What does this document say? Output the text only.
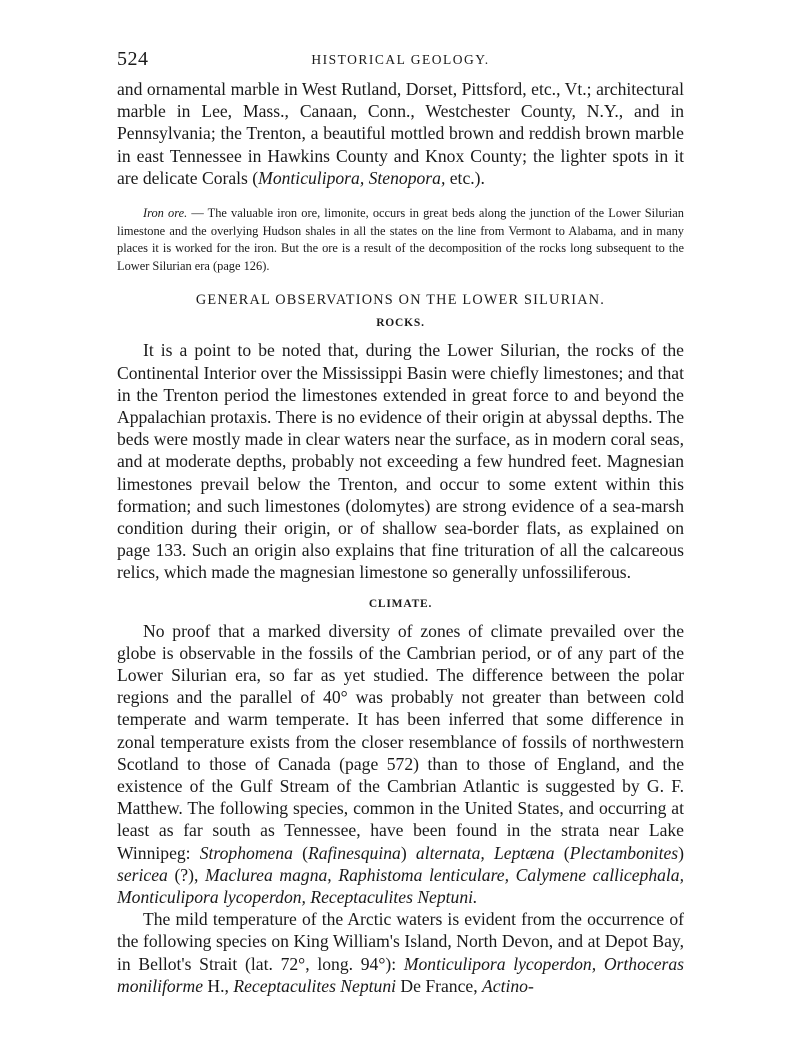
524	HISTORICAL GEOLOGY.

and ornamental marble in West Rutland, Dorset, Pittsford, etc., Vt.; architectural marble in Lee, Mass., Canaan, Conn., Westchester County, N.Y., and in Pennsylvania; the Trenton, a beautiful mottled brown and reddish brown marble in east Tennessee in Hawkins County and Knox County; the lighter spots in it are delicate Corals (Monticulipora, Stenopora, etc.).

Iron ore. — The valuable iron ore, limonite, occurs in great beds along the junction of the Lower Silurian limestone and the overlying Hudson shales in all the states on the line from Vermont to Alabama, and in many places it is worked for the iron. But the ore is a result of the decomposition of the rocks long subsequent to the Lower Silurian era (page 126).

GENERAL OBSERVATIONS ON THE LOWER SILURIAN.
ROCKS.

It is a point to be noted that, during the Lower Silurian, the rocks of the Continental Interior over the Mississippi Basin were chiefly limestones; and that in the Trenton period the limestones extended in great force to and beyond the Appalachian protaxis. There is no evidence of their origin at abyssal depths. The beds were mostly made in clear waters near the surface, as in modern coral seas, and at moderate depths, probably not exceeding a few hundred feet. Magnesian limestones prevail below the Trenton, and occur to some extent within this formation; and such limestones (dolomytes) are strong evidence of a sea-marsh condition during their origin, or of shallow sea-border flats, as explained on page 133. Such an origin also explains that fine trituration of all the calcareous relics, which made the magnesian limestone so generally unfossiliferous.

CLIMATE.

No proof that a marked diversity of zones of climate prevailed over the globe is observable in the fossils of the Cambrian period, or of any part of the Lower Silurian era, so far as yet studied. The difference between the polar regions and the parallel of 40° was probably not greater than between cold temperate and warm temperate. It has been inferred that some difference in zonal temperature exists from the closer resemblance of fossils of northwestern Scotland to those of Canada (page 572) than to those of England, and the existence of the Gulf Stream of the Cambrian Atlantic is suggested by G. F. Matthew. The following species, common in the United States, and occurring at least as far south as Tennessee, have been found in the strata near Lake Winnipeg: Strophomena (Rafinesquina) alternata, Leptæna (Plectambonites) sericea (?), Maclurea magna, Raphistoma lenticulare, Calymene callicephala, Monticulipora lycoperdon, Receptaculites Neptuni.

The mild temperature of the Arctic waters is evident from the occurrence of the following species on King William's Island, North Devon, and at Depot Bay, in Bellot's Strait (lat. 72°, long. 94°): Monticulipora lycoperdon, Orthoceras moniliforme H., Receptaculites Neptuni De France, Actino-
